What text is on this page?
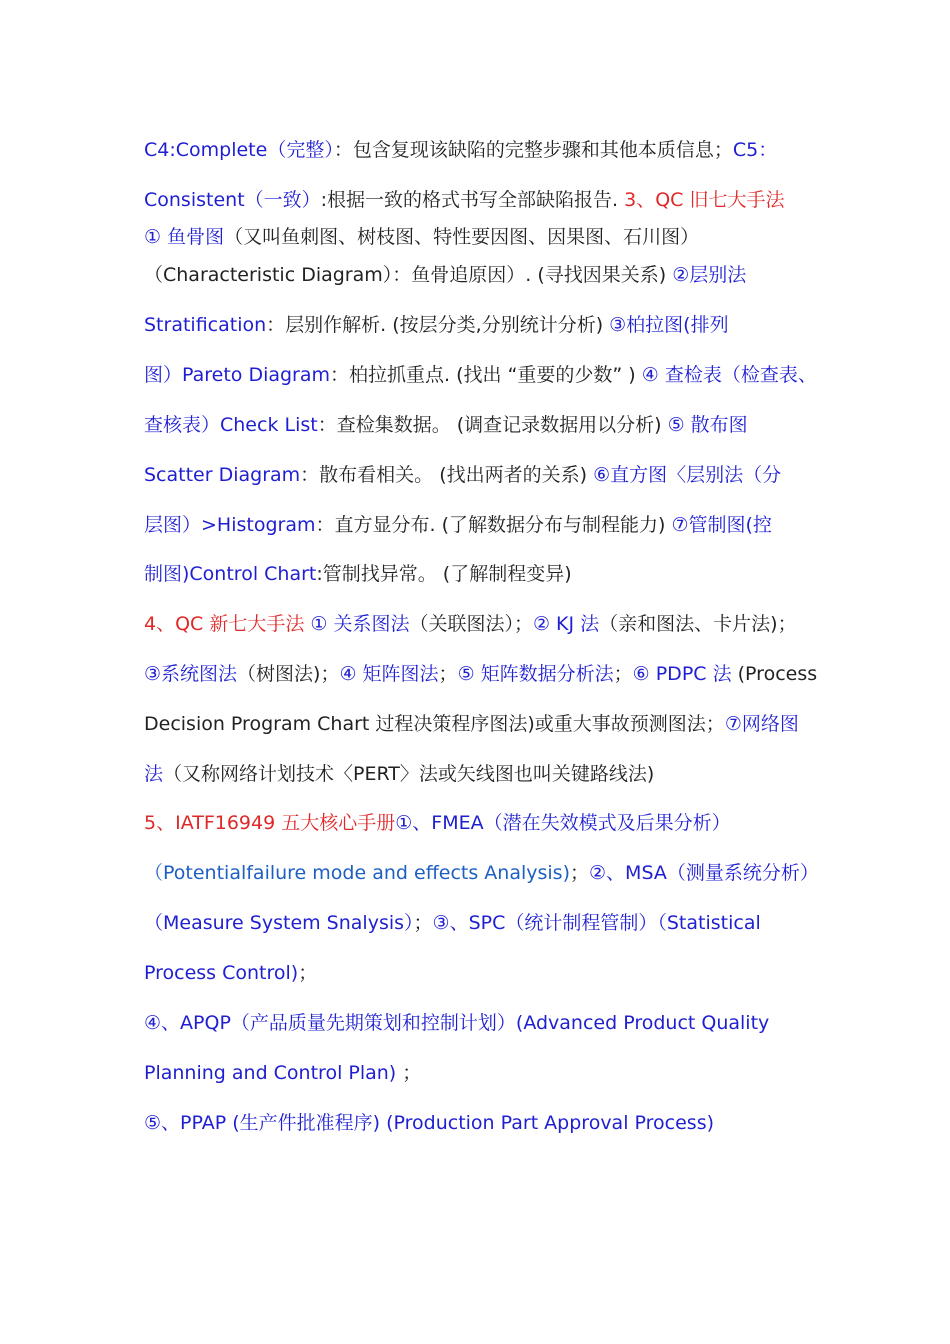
C4:Complete（完整）：包含复现该缺陷的完整步骤和其他本质信息；C5：
Consistent（一致）:根据一致的格式书写全部缺陷报告. 3、QC 旧七大手法
① 鱼骨图（又叫鱼刺图、树枝图、特性要因图、因果图、石川图）
（Characteristic Diagram）：鱼骨追原因）. (寻找因果关系) ②层别法
Stratification：层别作解析. (按层分类,分别统计分析) ③柏拉图(排列
图）Pareto Diagram：柏拉抓重点. (找出 “重要的少数” ) ④ 查检表（检查表、
查核表）Check List：查检集数据。 (调查记录数据用以分析) ⑤ 散布图
Scatter Diagram：散布看相关。 (找出两者的关系) ⑥直方图〈层别法（分
层图）>Histogram：直方显分布. (了解数据分布与制程能力) ⑦管制图(控
制图)Control Chart:管制找异常。 (了解制程变异)
4、QC 新七大手法 ① 关系图法（关联图法）；② KJ 法（亲和图法、卡片法)；
③系统图法（树图法)；④ 矩阵图法；⑤ 矩阵数据分析法；⑥ PDPC 法 (Process
Decision Program Chart 过程决策程序图法)或重大事故预测图法；⑦网络图
法（又称网络计划技术〈PERT〉法或矢线图也叫关键路线法)
5、IATF16949 五大核心手册①、FMEA（潜在失效模式及后果分析）
（Potentialfailure mode and effects Analysis)；②、MSA（测量系统分析）
（Measure System Snalysis）；③、SPC（统计制程管制）（Statistical
Process Control)；
④、APQP（产品质量先期策划和控制计划）(Advanced Product Quality
Planning and Control Plan) ；
⑤、PPAP (生产件批准程序) (Production Part Approval Process)
